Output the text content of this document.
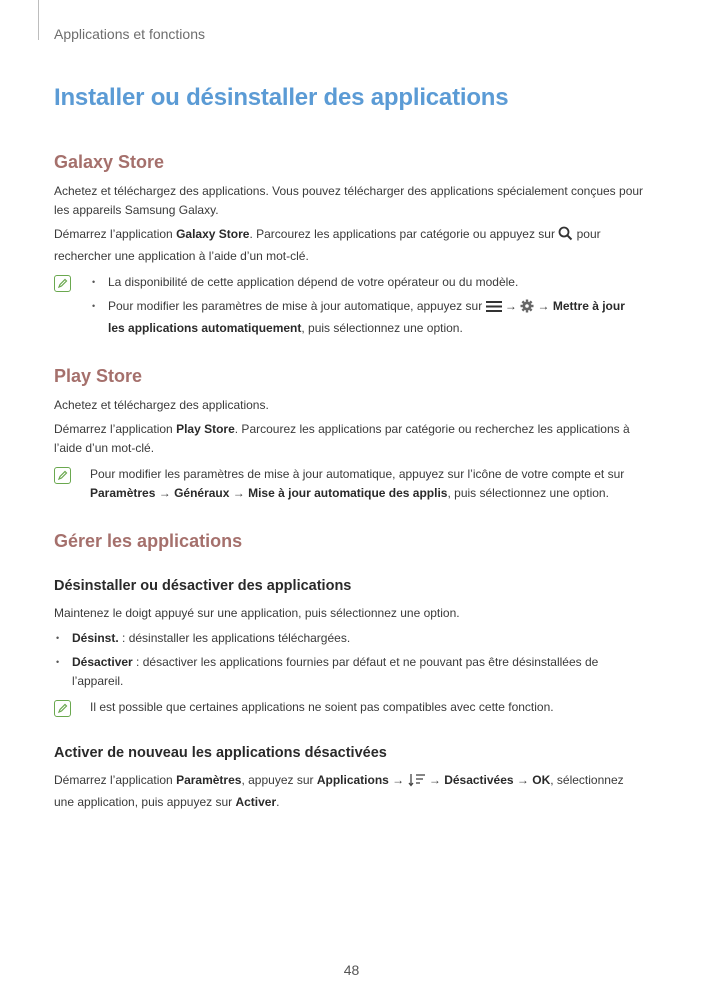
Applications et fonctions
Installer ou désinstaller des applications
Galaxy Store

Achetez et téléchargez des applications. Vous pouvez télécharger des applications spécialement conçues pour les appareils Samsung Galaxy.

Démarrez l’application Galaxy Store. Parcourez les applications par catégorie ou appuyez sur  pour rechercher une application à l’aide d’un mot-clé.

• La disponibilité de cette application dépend de votre opérateur ou du modèle.
• Pour modifier les paramètres de mise à jour automatique, appuyez sur  →  → Mettre à jour les applications automatiquement, puis sélectionnez une option.
Play Store

Achetez et téléchargez des applications.

Démarrez l’application Play Store. Parcourez les applications par catégorie ou recherchez les applications à l’aide d’un mot-clé.

Pour modifier les paramètres de mise à jour automatique, appuyez sur l’icône de votre compte et sur Paramètres → Généraux → Mise à jour automatique des applis, puis sélectionnez une option.
Gérer les applications
Désinstaller ou désactiver des applications

Maintenez le doigt appuyé sur une application, puis sélectionnez une option.

• Désinst. : désinstaller les applications téléchargées.
• Désactiver : désactiver les applications fournies par défaut et ne pouvant pas être désinstallées de l’appareil.
Il est possible que certaines applications ne soient pas compatibles avec cette fonction.
Activer de nouveau les applications désactivées

Démarrez l’application Paramètres, appuyez sur Applications →  → Désactivées → OK, sélectionnez une application, puis appuyez sur Activer.

48
